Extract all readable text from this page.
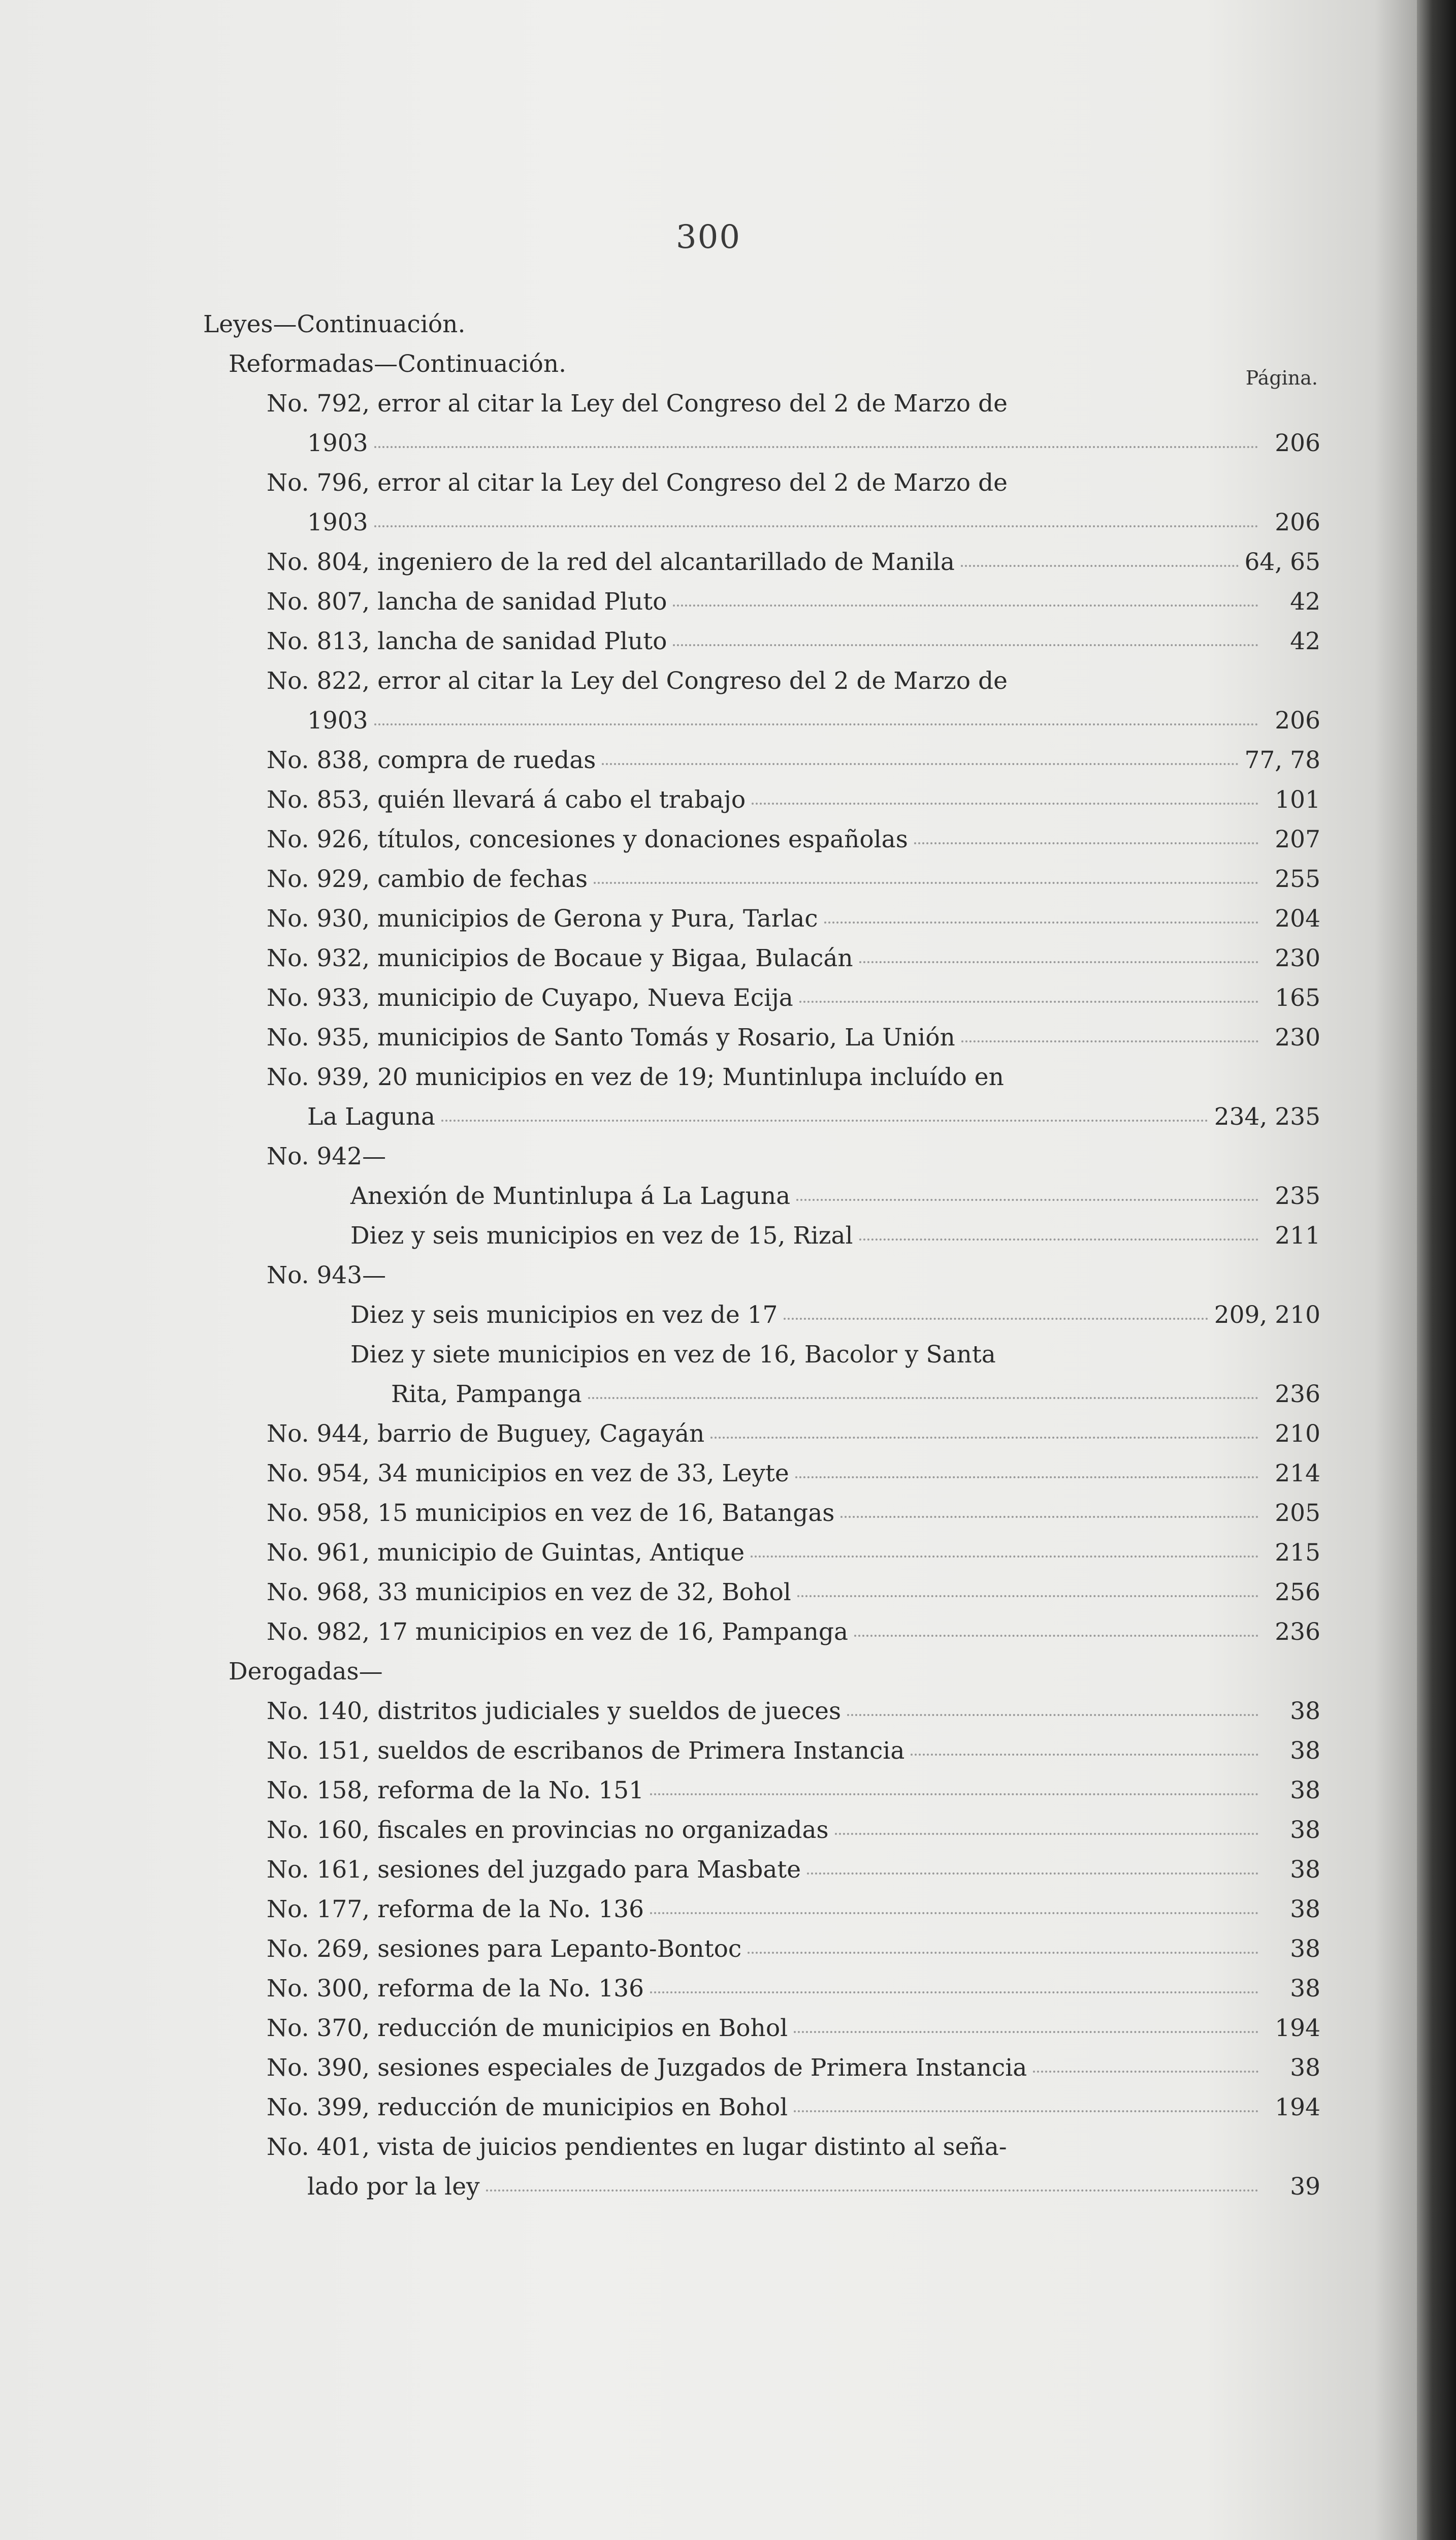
300
Leyes—Continuación.
Reformadas—Continuación.	Página.
No. 792, error al citar la Ley del Congreso del 2 de Marzo de
1903	206
No. 796, error al citar la Ley del Congreso del 2 de Marzo de
1903	206
No. 804, ingeniero de la red del alcantarillado de Manila	64, 65
No. 807, lancha de sanidad Pluto	42
No. 813, lancha de sanidad Pluto	42
No. 822, error al citar la Ley del Congreso del 2 de Marzo de
1903	206
No. 838, compra de ruedas	77, 78
No. 853, quién llevará á cabo el trabajo	101
No. 926, títulos, concesiones y donaciones españolas	207
No. 929, cambio de fechas	255
No. 930, municipios de Gerona y Pura, Tarlac	204
No. 932, municipios de Bocaue y Bigaa, Bulacán	230
No. 933, municipio de Cuyapo, Nueva Ecija	165
No. 935, municipios de Santo Tomás y Rosario, La Unión	230
No. 939, 20 municipios en vez de 19; Muntinlupa incluído en
La Laguna	234, 235
No. 942—
Anexión de Muntinlupa á La Laguna	235
Diez y seis municipios en vez de 15, Rizal	211
No. 943—
Diez y seis municipios en vez de 17	209, 210
Diez y siete municipios en vez de 16, Bacolor y Santa
Rita, Pampanga	236
No. 944, barrio de Buguey, Cagayán	210
No. 954, 34 municipios en vez de 33, Leyte	214
No. 958, 15 municipios en vez de 16, Batangas	205
No. 961, municipio de Guintas, Antique	215
No. 968, 33 municipios en vez de 32, Bohol	256
No. 982, 17 municipios en vez de 16, Pampanga	236
Derogadas—
No. 140, distritos judiciales y sueldos de jueces	38
No. 151, sueldos de escribanos de Primera Instancia	38
No. 158, reforma de la No. 151	38
No. 160, fiscales en provincias no organizadas	38
No. 161, sesiones del juzgado para Masbate	38
No. 177, reforma de la No. 136	38
No. 269, sesiones para Lepanto-Bontoc	38
No. 300, reforma de la No. 136	38
No. 370, reducción de municipios en Bohol	194
No. 390, sesiones especiales de Juzgados de Primera Instancia	38
No. 399, reducción de municipios en Bohol	194
No. 401, vista de juicios pendientes en lugar distinto al seña-
lado por la ley	39
